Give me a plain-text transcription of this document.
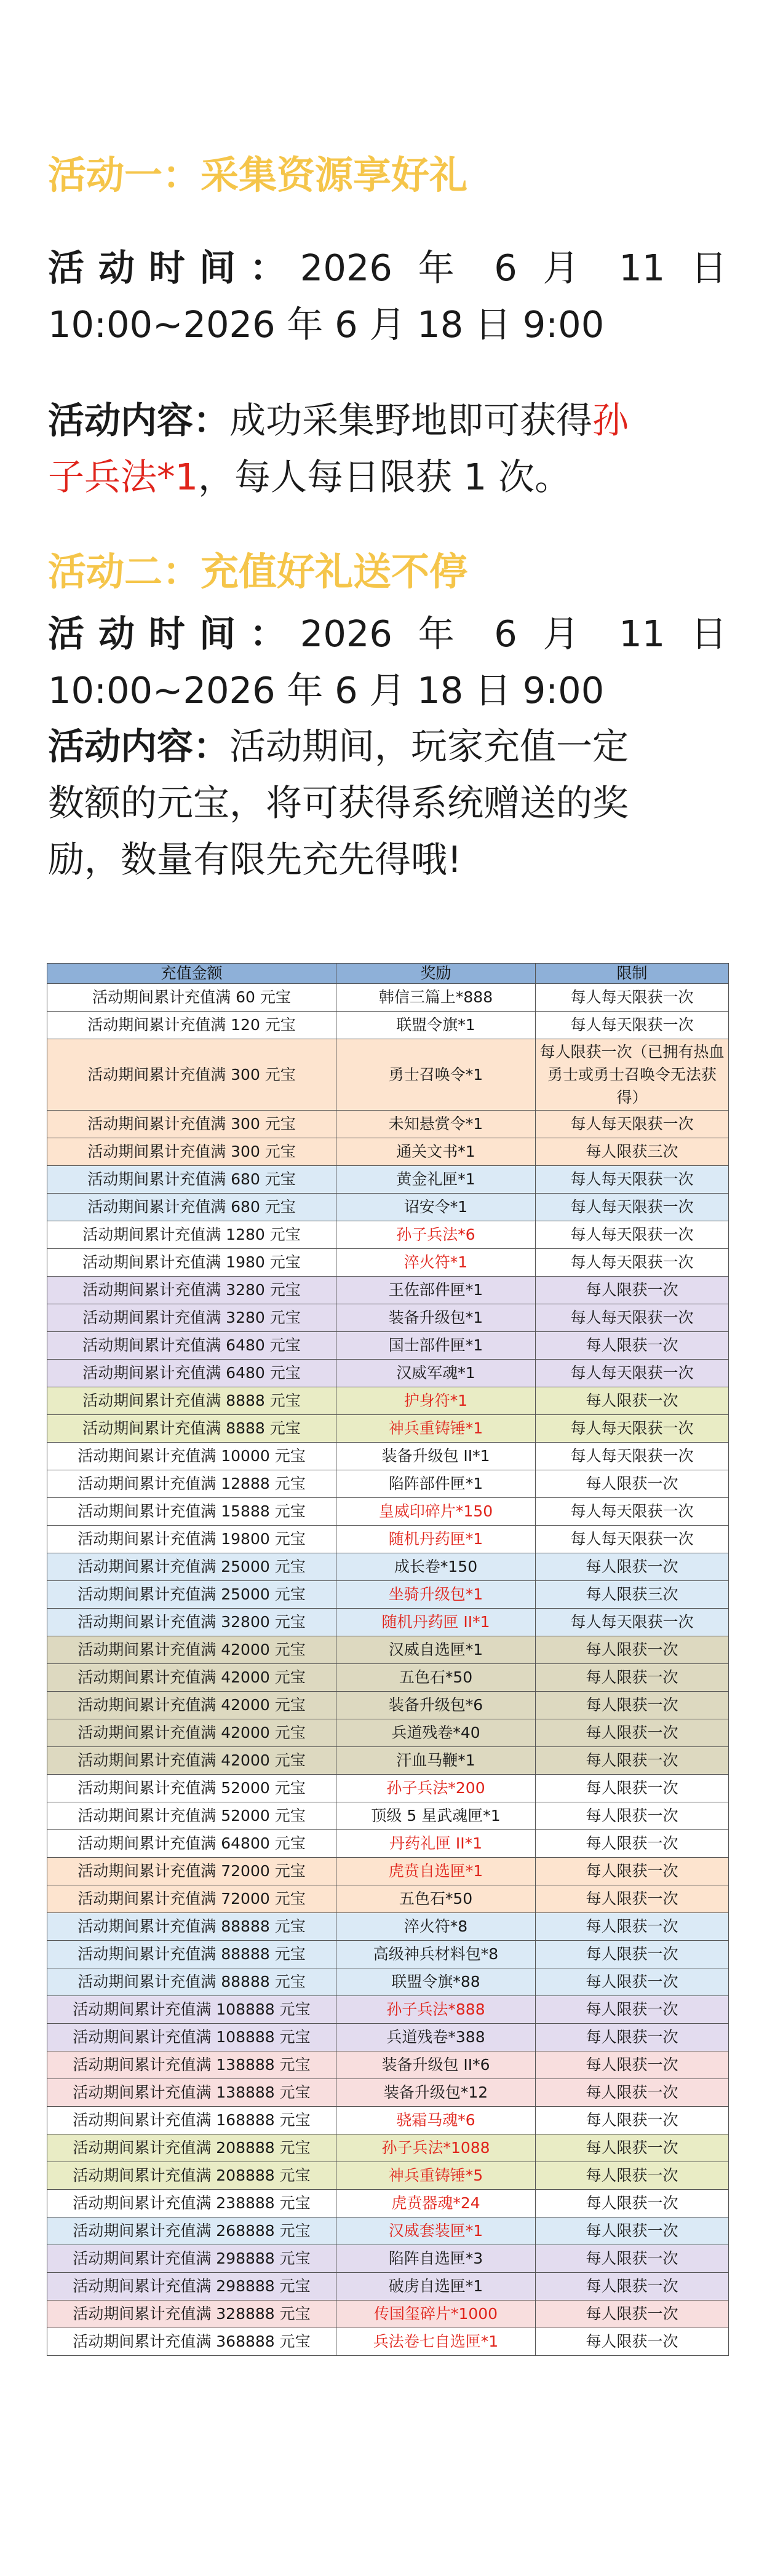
活动一：采集资源享好礼
活动时间：2026 年 6 月 11 日
10:00~2026 年 6 月 18 日 9:00
活动内容：成功采集野地即可获得孙
子兵法*1，每人每日限获 1 次。
活动二：充值好礼送不停
活动时间：2026 年 6 月 11 日
10:00~2026 年 6 月 18 日 9:00
活动内容：活动期间，玩家充值一定
数额的元宝，将可获得系统赠送的奖
励，数量有限先充先得哦!
充值金额	奖励	限制
活动期间累计充值满 60 元宝	韩信三篇上*888	每人每天限获一次
活动期间累计充值满 120 元宝	联盟令旗*1	每人每天限获一次
活动期间累计充值满 300 元宝	勇士召唤令*1	每人限获一次（已拥有热血勇士或勇士召唤令无法获得）
活动期间累计充值满 300 元宝	未知悬赏令*1	每人每天限获一次
活动期间累计充值满 300 元宝	通关文书*1	每人限获三次
活动期间累计充值满 680 元宝	黄金礼匣*1	每人每天限获一次
活动期间累计充值满 680 元宝	诏安令*1	每人每天限获一次
活动期间累计充值满 1280 元宝	孙子兵法*6	每人每天限获一次
活动期间累计充值满 1980 元宝	淬火符*1	每人每天限获一次
活动期间累计充值满 3280 元宝	王佐部件匣*1	每人限获一次
活动期间累计充值满 3280 元宝	装备升级包*1	每人每天限获一次
活动期间累计充值满 6480 元宝	国士部件匣*1	每人限获一次
活动期间累计充值满 6480 元宝	汉威军魂*1	每人每天限获一次
活动期间累计充值满 8888 元宝	护身符*1	每人限获一次
活动期间累计充值满 8888 元宝	神兵重铸锤*1	每人每天限获一次
活动期间累计充值满 10000 元宝	装备升级包 II*1	每人每天限获一次
活动期间累计充值满 12888 元宝	陷阵部件匣*1	每人限获一次
活动期间累计充值满 15888 元宝	皇威印碎片*150	每人每天限获一次
活动期间累计充值满 19800 元宝	随机丹药匣*1	每人每天限获一次
活动期间累计充值满 25000 元宝	成长卷*150	每人限获一次
活动期间累计充值满 25000 元宝	坐骑升级包*1	每人限获三次
活动期间累计充值满 32800 元宝	随机丹药匣 II*1	每人每天限获一次
活动期间累计充值满 42000 元宝	汉威自选匣*1	每人限获一次
活动期间累计充值满 42000 元宝	五色石*50	每人限获一次
活动期间累计充值满 42000 元宝	装备升级包*6	每人限获一次
活动期间累计充值满 42000 元宝	兵道残卷*40	每人限获一次
活动期间累计充值满 42000 元宝	汗血马鞭*1	每人限获一次
活动期间累计充值满 52000 元宝	孙子兵法*200	每人限获一次
活动期间累计充值满 52000 元宝	顶级 5 星武魂匣*1	每人限获一次
活动期间累计充值满 64800 元宝	丹药礼匣 II*1	每人限获一次
活动期间累计充值满 72000 元宝	虎贲自选匣*1	每人限获一次
活动期间累计充值满 72000 元宝	五色石*50	每人限获一次
活动期间累计充值满 88888 元宝	淬火符*8	每人限获一次
活动期间累计充值满 88888 元宝	高级神兵材料包*8	每人限获一次
活动期间累计充值满 88888 元宝	联盟令旗*88	每人限获一次
活动期间累计充值满 108888 元宝	孙子兵法*888	每人限获一次
活动期间累计充值满 108888 元宝	兵道残卷*388	每人限获一次
活动期间累计充值满 138888 元宝	装备升级包 II*6	每人限获一次
活动期间累计充值满 138888 元宝	装备升级包*12	每人限获一次
活动期间累计充值满 168888 元宝	骁霜马魂*6	每人限获一次
活动期间累计充值满 208888 元宝	孙子兵法*1088	每人限获一次
活动期间累计充值满 208888 元宝	神兵重铸锤*5	每人限获一次
活动期间累计充值满 238888 元宝	虎贲器魂*24	每人限获一次
活动期间累计充值满 268888 元宝	汉威套装匣*1	每人限获一次
活动期间累计充值满 298888 元宝	陷阵自选匣*3	每人限获一次
活动期间累计充值满 298888 元宝	破虏自选匣*1	每人限获一次
活动期间累计充值满 328888 元宝	传国玺碎片*1000	每人限获一次
活动期间累计充值满 368888 元宝	兵法卷七自选匣*1	每人限获一次
